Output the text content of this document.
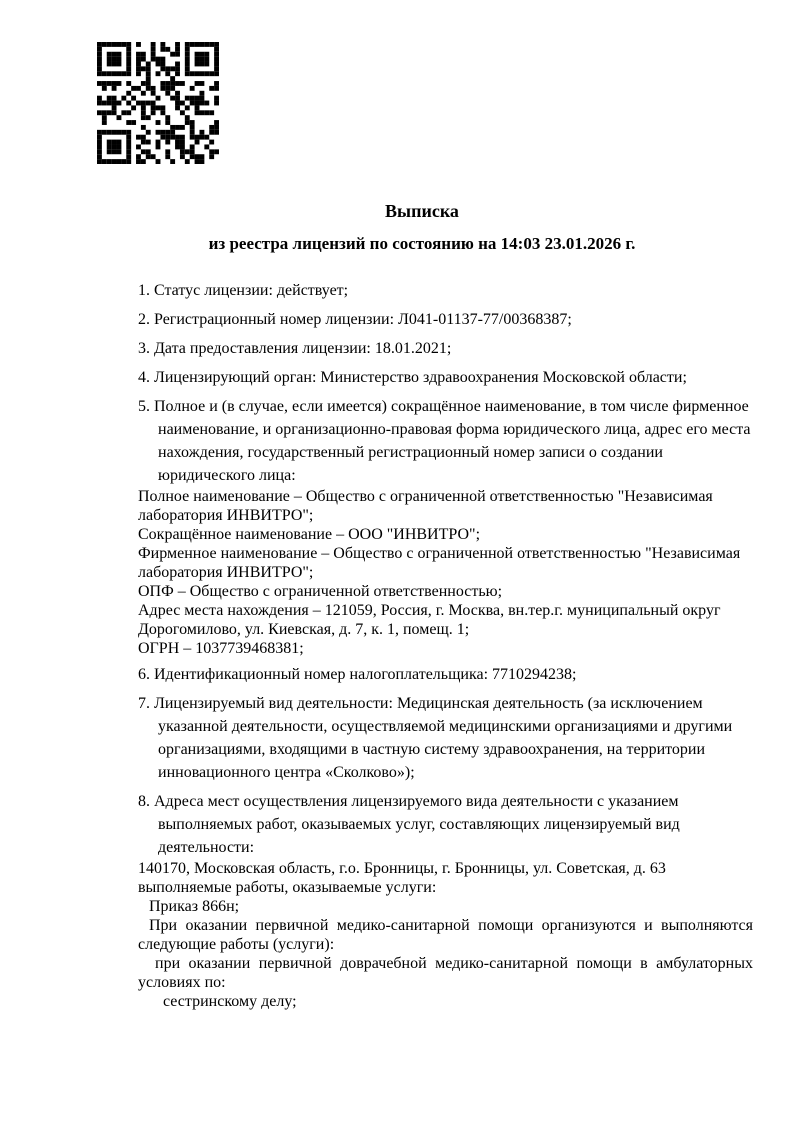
Выписка
из реестра лицензий по состоянию на 14:03 23.01.2026 г.

1. Статус лицензии: действует;

2. Регистрационный номер лицензии: Л041-01137-77/00368387;

3. Дата предоставления лицензии: 18.01.2021;

4. Лицензирующий орган: Министерство здравоохранения Московской области;

5. Полное и (в случае, если имеется) сокращённое наименование, в том числе фирменное
наименование, и организационно-правовая форма юридического лица, адрес его места
нахождения, государственный регистрационный номер записи о создании
юридического лица:

Полное наименование – Общество с ограниченной ответственностью "Независимая
лаборатория ИНВИТРО";
Сокращённое наименование – ООО "ИНВИТРО";
Фирменное наименование – Общество с ограниченной ответственностью "Независимая
лаборатория ИНВИТРО";
ОПФ – Общество с ограниченной ответственностью;
Адрес места нахождения – 121059, Россия, г. Москва, вн.тер.г. муниципальный округ
Дорогомилово, ул. Киевская, д. 7, к. 1, помещ. 1;
ОГРН – 1037739468381;

6. Идентификационный номер налогоплательщика: 7710294238;

7. Лицензируемый вид деятельности: Медицинская деятельность (за исключением
указанной деятельности, осуществляемой медицинскими организациями и другими
организациями, входящими в частную систему здравоохранения, на территории
инновационного центра «Сколково»);

8. Адреса мест осуществления лицензируемого вида деятельности с указанием
выполняемых работ, оказываемых услуг, составляющих лицензируемый вид
деятельности:

140170, Московская область, г.о. Бронницы, г. Бронницы, ул. Советская, д. 63
выполняемые работы, оказываемые услуги:
Приказ 866н;
При оказании первичной медико-санитарной помощи организуются и выполняются
следующие работы (услуги):
при оказании первичной доврачебной медико-санитарной помощи в амбулаторных
условиях по:
сестринскому делу;
